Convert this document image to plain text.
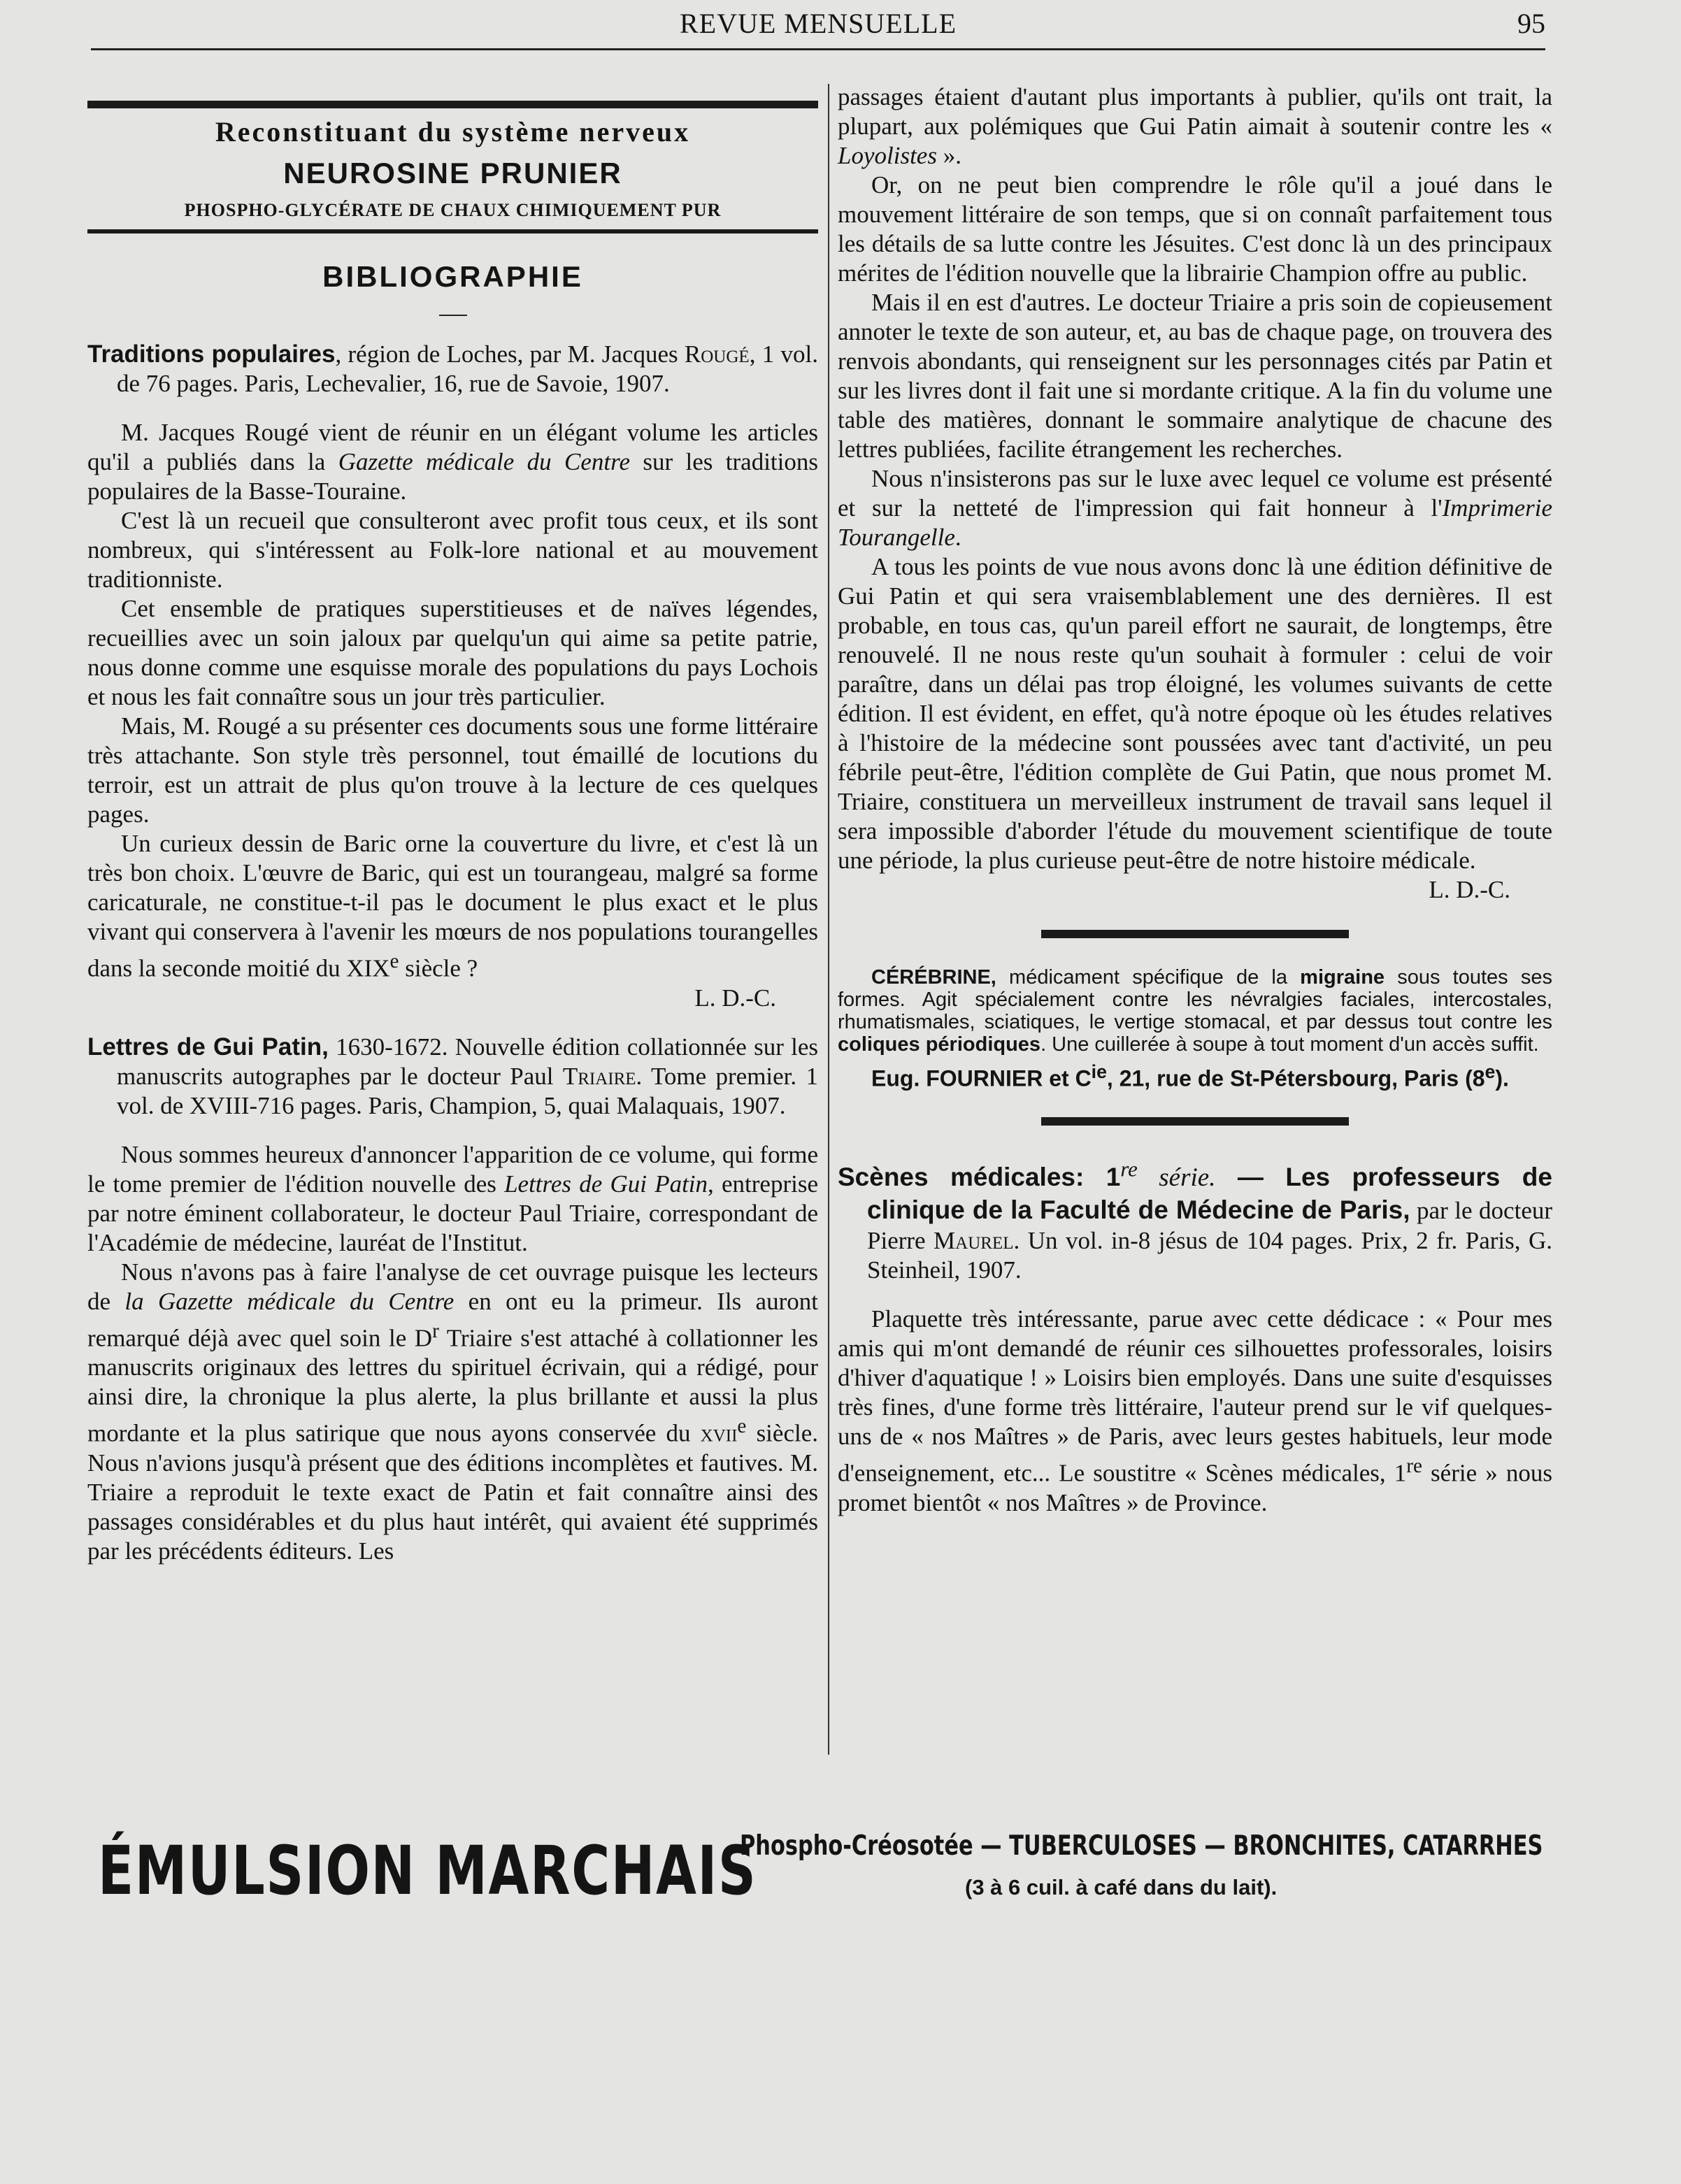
REVUE MENSUELLE	95
Reconstituant du système nerveux
NEUROSINE PRUNIER
PHOSPHO-GLYCÉRATE DE CHAUX CHIMIQUEMENT PUR
BIBLIOGRAPHIE

Traditions populaires, région de Loches, par M. Jacques Rougé, 1 vol. de 76 pages. Paris, Lechevalier, 16, rue de Savoie, 1907.

M. Jacques Rougé vient de réunir en un élégant volume les articles qu'il a publiés dans la Gazette médicale du Centre sur les traditions populaires de la Basse-Touraine.

C'est là un recueil que consulteront avec profit tous ceux, et ils sont nombreux, qui s'intéressent au Folk-lore national et au mouvement traditionniste.

Cet ensemble de pratiques superstitieuses et de naïves légendes, recueillies avec un soin jaloux par quelqu'un qui aime sa petite patrie, nous donne comme une esquisse morale des populations du pays Lochois et nous les fait connaître sous un jour très particulier.

Mais, M. Rougé a su présenter ces documents sous une forme littéraire très attachante. Son style très personnel, tout émaillé de locutions du terroir, est un attrait de plus qu'on trouve à la lecture de ces quelques pages.

Un curieux dessin de Baric orne la couverture du livre, et c'est là un très bon choix. L'œuvre de Baric, qui est un tourangeau, malgré sa forme caricaturale, ne constitue-t-il pas le document le plus exact et le plus vivant qui conservera à l'avenir les mœurs de nos populations tourangelles dans la seconde moitié du XIXe siècle ?

L. D.-C.

Lettres de Gui Patin, 1630-1672. Nouvelle édition collationnée sur les manuscrits autographes par le docteur Paul Triaire. Tome premier. 1 vol. de XVIII-716 pages. Paris, Champion, 5, quai Malaquais, 1907.

Nous sommes heureux d'annoncer l'apparition de ce volume, qui forme le tome premier de l'édition nouvelle des Lettres de Gui Patin, entreprise par notre éminent collaborateur, le docteur Paul Triaire, correspondant de l'Académie de médecine, lauréat de l'Institut.

Nous n'avons pas à faire l'analyse de cet ouvrage puisque les lecteurs de la Gazette médicale du Centre en ont eu la primeur. Ils auront remarqué déjà avec quel soin le $D^r$ Triaire s'est attaché à collationner les manuscrits originaux des lettres du spirituel écrivain, qui a rédigé, pour ainsi dire, la chronique la plus alerte, la plus brillante et aussi la plus mordante et la plus satirique que nous ayons conservée du xvii$^e$ siècle. Nous n'avions jusqu'à présent que des éditions incomplètes et fautives. M. Triaire a reproduit le texte exact de Patin et fait connaître ainsi des passages considérables et du plus haut intérêt, qui avaient été supprimés par les précédents éditeurs. Les

passages étaient d'autant plus importants à publier, qu'ils ont trait, la plupart, aux polémiques que Gui Patin aimait à soutenir contre les « Loyolistes ».

Or, on ne peut bien comprendre le rôle qu'il a joué dans le mouvement littéraire de son temps, que si on connaît parfaitement tous les détails de sa lutte contre les Jésuites. C'est donc là un des principaux mérites de l'édition nouvelle que la librairie Champion offre au public.

Mais il en est d'autres. Le docteur Triaire a pris soin de copieusement annoter le texte de son auteur, et, au bas de chaque page, on trouvera des renvois abondants, qui renseignent sur les personnages cités par Patin et sur les livres dont il fait une si mordante critique. A la fin du volume une table des matières, donnant le sommaire analytique de chacune des lettres publiées, facilite étrangement les recherches.

Nous n'insisterons pas sur le luxe avec lequel ce volume est présenté et sur la netteté de l'impression qui fait honneur à l'Imprimerie Tourangelle.

A tous les points de vue nous avons donc là une édition définitive de Gui Patin et qui sera vraisemblablement une des dernières. Il est probable, en tous cas, qu'un pareil effort ne saurait, de longtemps, être renouvelé. Il ne nous reste qu'un souhait à formuler : celui de voir paraître, dans un délai pas trop éloigné, les volumes suivants de cette édition. Il est évident, en effet, qu'à notre époque où les études relatives à l'histoire de la médecine sont poussées avec tant d'activité, un peu fébrile peut-être, l'édition complète de Gui Patin, que nous promet M. Triaire, constituera un merveilleux instrument de travail sans lequel il sera impossible d'aborder l'étude du mouvement scientifique de toute une période, la plus curieuse peut-être de notre histoire médicale.

L. D.-C.

CÉRÉBRINE, médicament spécifique de la migraine sous toutes ses formes. Agit spécialement contre les névralgies faciales, intercostales, rhumatismales, sciatiques, le vertige stomacal, et par dessus tout contre les coliques périodiques. Une cuillerée à soupe à tout moment d'un accès suffit.

Eug. FOURNIER et $C^{ie}$, 21, rue de St-Pétersbourg, Paris (8e).

Scènes médicales: 1re série. — Les professeurs de clinique de la Faculté de Médecine de Paris, par le docteur Pierre Maurel. Un vol. in-8 jésus de 104 pages. Prix, 2 fr. Paris, G. Steinheil, 1907.

Plaquette très intéressante, parue avec cette dédicace : « Pour mes amis qui m'ont demandé de réunir ces silhouettes professorales, loisirs d'hiver d'aquatique ! » Loisirs bien employés. Dans une suite d'esquisses très fines, d'une forme très littéraire, l'auteur prend sur le vif quelques-uns de « nos Maîtres » de Paris, avec leurs gestes habituels, leur mode d'enseignement, etc... Le soustitre « Scènes médicales, 1re série » nous promet bientôt « nos Maîtres » de Province.

ÉMULSION MARCHAIS
Phospho-Créosotée — TUBERCULOSES — BRONCHITES, CATARRHES
(3 à 6 cuil. à café dans du lait).
